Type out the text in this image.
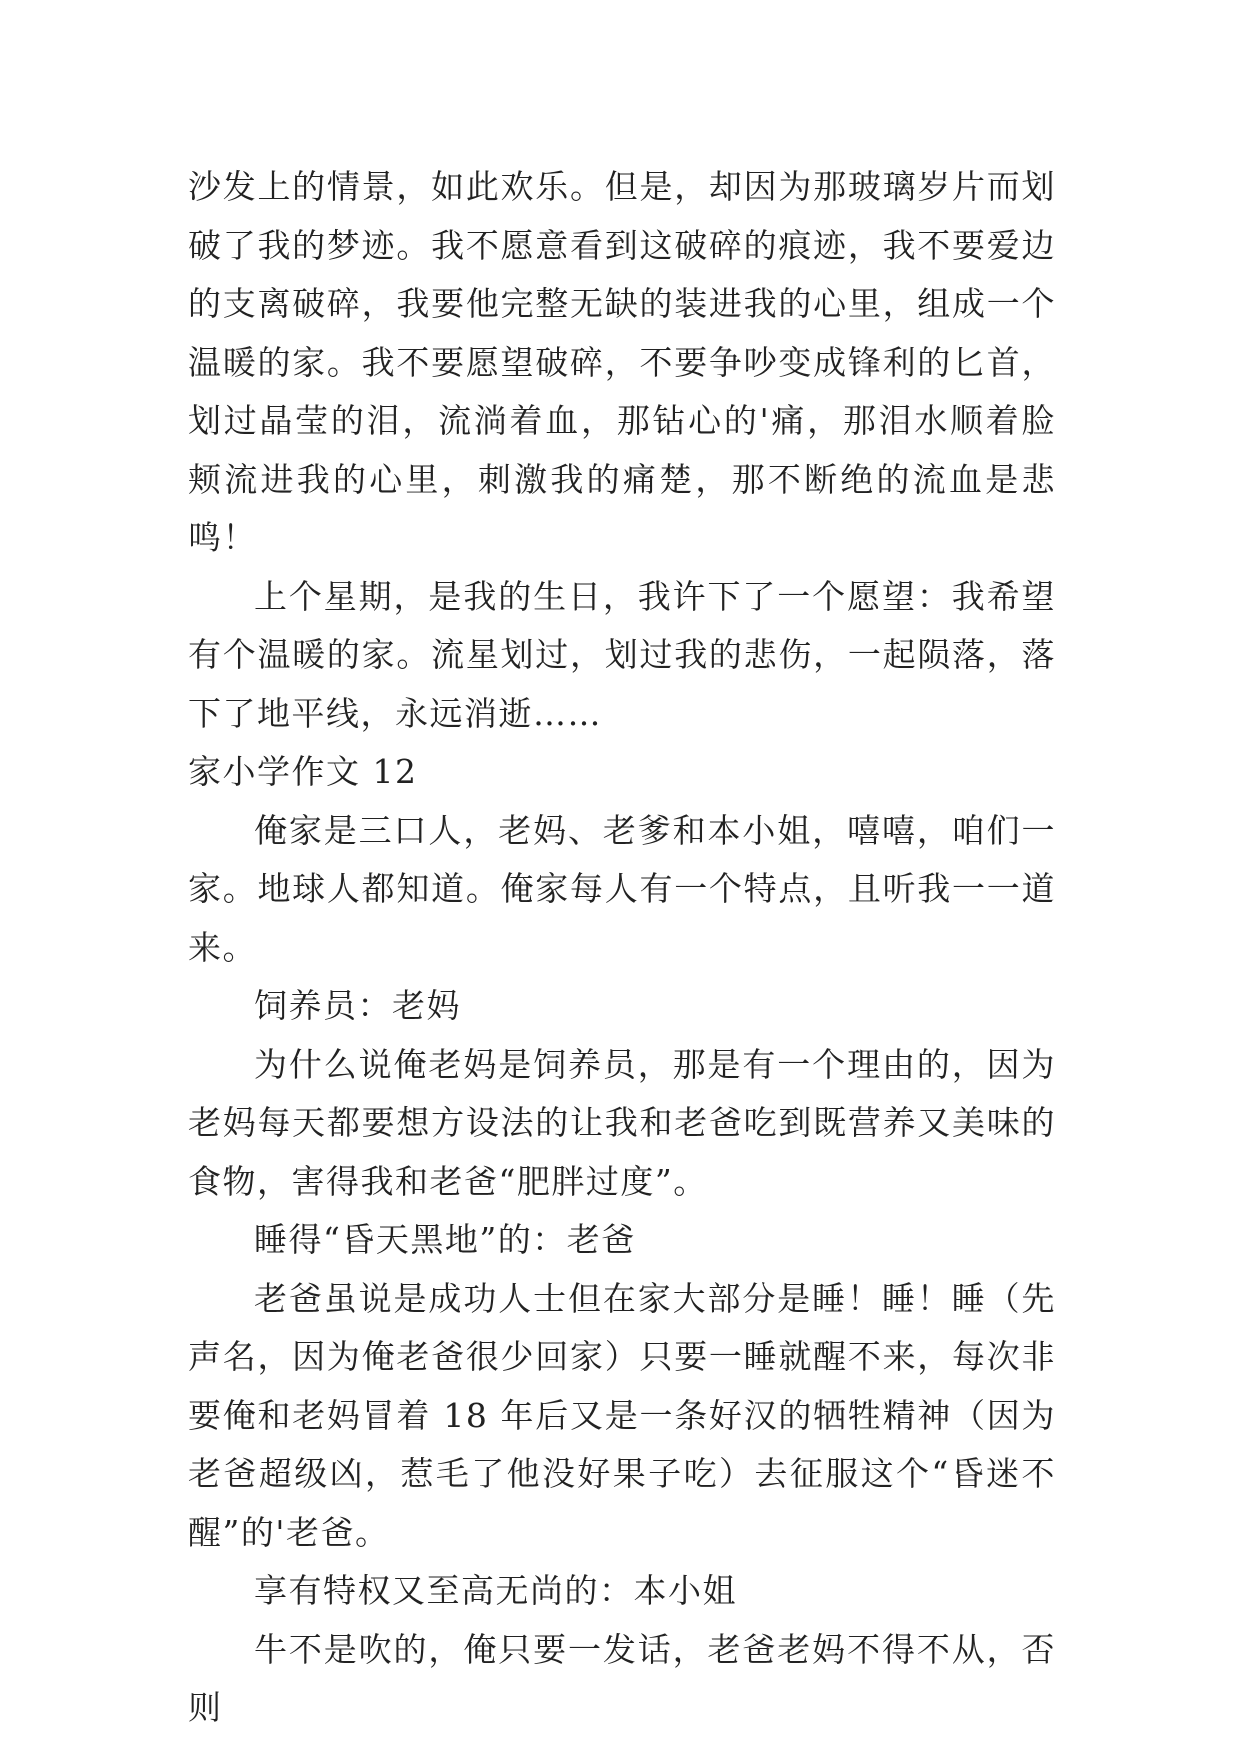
沙发上的情景，如此欢乐。但是，却因为那玻璃岁片而划破了我的梦迹。我不愿意看到这破碎的痕迹，我不要爱边的支离破碎，我要他完整无缺的装进我的心里，组成一个温暖的家。我不要愿望破碎，不要争吵变成锋利的匕首，划过晶莹的泪，流淌着血，那钻心的'痛，那泪水顺着脸颊流进我的心里，刺激我的痛楚，那不断绝的流血是悲鸣！

上个星期，是我的生日，我许下了一个愿望：我希望有个温暖的家。流星划过，划过我的悲伤，一起陨落，落下了地平线，永远消逝……

家小学作文 12

俺家是三口人，老妈、老爹和本小姐，嘻嘻，咱们一家。地球人都知道。俺家每人有一个特点，且听我一一道来。

饲养员：老妈

为什么说俺老妈是饲养员，那是有一个理由的，因为老妈每天都要想方设法的让我和老爸吃到既营养又美味的食物，害得我和老爸“肥胖过度”。

睡得“昏天黑地”的：老爸

老爸虽说是成功人士但在家大部分是睡！睡！睡（先声名，因为俺老爸很少回家）只要一睡就醒不来，每次非要俺和老妈冒着 18 年后又是一条好汉的牺牲精神（因为老爸超级凶，惹毛了他没好果子吃）去征服这个“昏迷不醒”的'老爸。

享有特权又至高无尚的：本小姐

牛不是吹的，俺只要一发话，老爸老妈不得不从，否则
